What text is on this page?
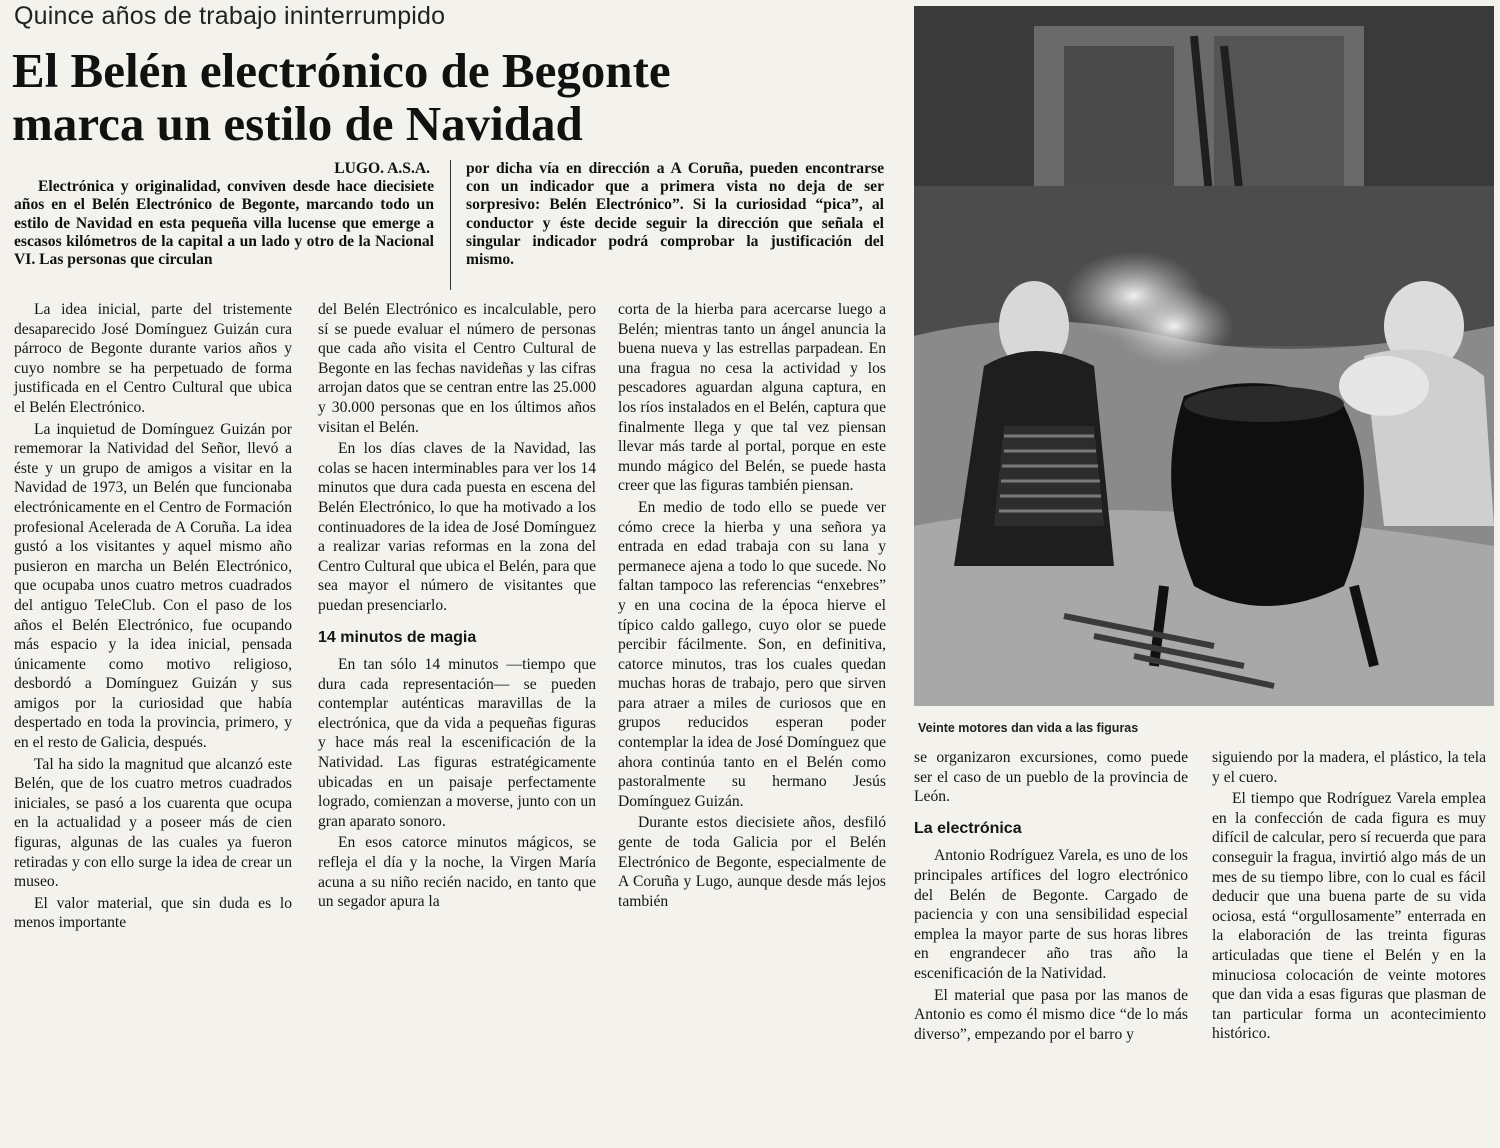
Quince años de trabajo ininterrumpido
El Belén electrónico de Begonte
marca un estilo de Navidad
LUGO. A.S.A.
Electrónica y originalidad, conviven desde hace diecisiete años en el Belén Electrónico de Begonte, marcando todo un estilo de Navidad en esta pequeña villa lucense que emerge a escasos kilómetros de la capital a un lado y otro de la Nacional VI. Las personas que circulan
por dicha vía en dirección a A Coruña, pueden encontrarse con un indicador que a primera vista no deja de ser sorpresivo: Belén Electrónico”. Si la curiosidad “pica”, al conductor y éste decide seguir la dirección que señala el singular indicador podrá comprobar la justificación del mismo.

La idea inicial, parte del tristemente desaparecido José Domínguez Guizán cura párroco de Begonte durante varios años y cuyo nombre se ha perpetuado de forma justificada en el Centro Cultural que ubica el Belén Electrónico.

La inquietud de Domínguez Guizán por rememorar la Natividad del Señor, llevó a éste y un grupo de amigos a visitar en la Navidad de 1973, un Belén que funcionaba electrónicamente en el Centro de Formación profesional Acelerada de A Coruña. La idea gustó a los visitantes y aquel mismo año pusieron en marcha un Belén Electrónico, que ocupaba unos cuatro metros cuadrados del antiguo TeleClub. Con el paso de los años el Belén Electrónico, fue ocupando más espacio y la idea inicial, pensada únicamente como motivo religioso, desbordó a Domínguez Guizán y sus amigos por la curiosidad que había despertado en toda la provincia, primero, y en el resto de Galicia, después.

Tal ha sido la magnitud que alcanzó este Belén, que de los cuatro metros cuadrados iniciales, se pasó a los cuarenta que ocupa en la actualidad y a poseer más de cien figuras, algunas de las cuales ya fueron retiradas y con ello surge la idea de crear un museo.

El valor material, que sin duda es lo menos importante

del Belén Electrónico es incalculable, pero sí se puede evaluar el número de personas que cada año visita el Centro Cultural de Begonte en las fechas navideñas y las cifras arrojan datos que se centran entre las 25.000 y 30.000 personas que en los últimos años visitan el Belén.

En los días claves de la Navidad, las colas se hacen interminables para ver los 14 minutos que dura cada puesta en escena del Belén Electrónico, lo que ha motivado a los continuadores de la idea de José Domínguez a realizar varias reformas en la zona del Centro Cultural que ubica el Belén, para que sea mayor el número de visitantes que puedan presenciarlo.

14 minutos de magia

En tan sólo 14 minutos —tiempo que dura cada representación— se pueden contemplar auténticas maravillas de la electrónica, que da vida a pequeñas figuras y hace más real la escenificación de la Natividad. Las figuras estratégicamente ubicadas en un paisaje perfectamente logrado, comienzan a moverse, junto con un gran aparato sonoro.

En esos catorce minutos mágicos, se refleja el día y la noche, la Virgen María acuna a su niño recién nacido, en tanto que un segador apura la

corta de la hierba para acercarse luego a Belén; mientras tanto un ángel anuncia la buena nueva y las estrellas parpadean. En una fragua no cesa la actividad y los pescadores aguardan alguna captura, en los ríos instalados en el Belén, captura que finalmente llega y que tal vez piensan llevar más tarde al portal, porque en este mundo mágico del Belén, se puede hasta creer que las figuras también piensan.

En medio de todo ello se puede ver cómo crece la hierba y una señora ya entrada en edad trabaja con su lana y permanece ajena a todo lo que sucede. No faltan tampoco las referencias “enxebres” y en una cocina de la época hierve el típico caldo gallego, cuyo olor se puede percibir fácilmente. Son, en definitiva, catorce minutos, tras los cuales quedan muchas horas de trabajo, pero que sirven para atraer a miles de curiosos que en grupos reducidos esperan poder contemplar la idea de José Domínguez que ahora continúa tanto en el Belén como pastoralmente su hermano Jesús Domínguez Guizán.

Durante estos diecisiete años, desfiló gente de toda Galicia por el Belén Electrónico de Begonte, especialmente de A Coruña y Lugo, aunque desde más lejos también

Veinte motores dan vida a las figuras

se organizaron excursiones, como puede ser el caso de un pueblo de la provincia de León.

La electrónica

Antonio Rodríguez Varela, es uno de los principales artífices del logro electrónico del Belén de Begonte. Cargado de paciencia y con una sensibilidad especial emplea la mayor parte de sus horas libres en engrandecer año tras año la escenificación de la Natividad.

El material que pasa por las manos de Antonio es como él mismo dice “de lo más diverso”, empezando por el barro y

siguiendo por la madera, el plástico, la tela y el cuero.

El tiempo que Rodríguez Varela emplea en la confección de cada figura es muy difícil de calcular, pero sí recuerda que para conseguir la fragua, invirtió algo más de un mes de su tiempo libre, con lo cual es fácil deducir que una buena parte de su vida ociosa, está “orgullosamente” enterrada en la elaboración de las treinta figuras articuladas que tiene el Belén y en la minuciosa colocación de veinte motores que dan vida a esas figuras que plasman de tan particular forma un acontecimiento histórico.
